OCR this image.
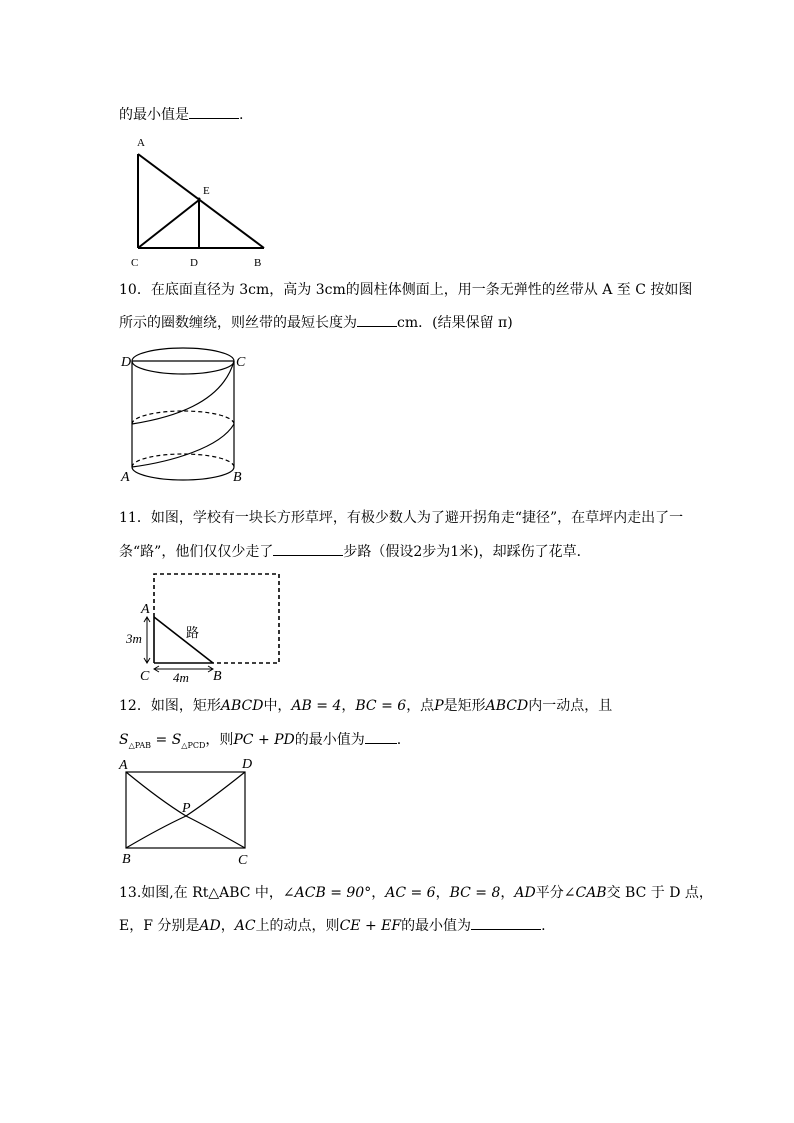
的最小值是	.
A
E
C	D	B
10．在底面直径为 3cm，高为 3cm的圆柱体侧面上，用一条无弹性的丝带从 A 至 C 按如图
所示的圈数缠绕，则丝带的最短长度为	cm．(结果保留 π)
D	C
A	B
11．如图，学校有一块长方形草坪，有极少数人为了避开拐角走“捷径”，在草坪内走出了一
条“路”，他们仅仅少走了	步路（假设2步为1米)，却踩伤了花草．
A
C	B
3m
4m
路
12．如图，矩形ABCD中，AB = 4，BC = 6，点P是矩形ABCD内一动点，且
$S_{\triangle PAB} = S_{\triangle PCD}$，则PC + PD的最小值为 .
A	D
B	C
P
13.如图,在 Rt△ABC 中，∠ACB = 90°，AC = 6，BC = 8，AD平分∠CAB交 BC 于 D 点，
E，F 分别是AD，AC上的动点，则CE + EF的最小值为	.
